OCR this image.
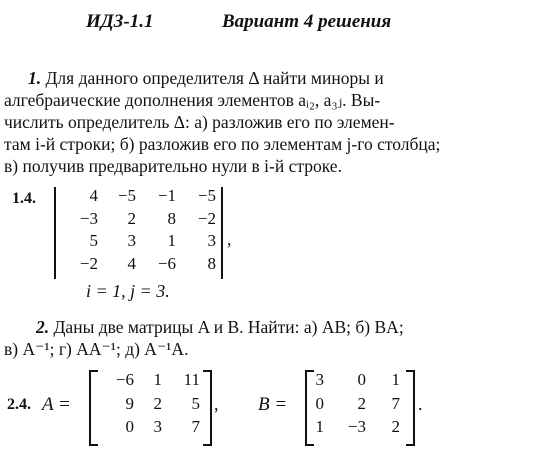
ИДЗ-1.1	Вариант 4 решения
1. Для данного определителя Δ найти миноры и
алгебраические дополнения элементов aᵢ₂, a₃ⱼ. Вы-
числить определитель Δ: а) разложив его по элемен-
там i-й строки; б) разложив его по элементам j-го столбца;
в) получив предварительно нули в i-й строке.
1.4.	4	−5	−1	−5
−3	2	8	−2
5	3	1	3
−2	4	−6	8
,
i = 1, j = 3.
2. Даны две матрицы A и B. Найти: а) AB; б) BA;
в) A⁻¹; г) AA⁻¹; д) A⁻¹A.
2.4. A =
−6	1	11
9	2	5
0	3	7
, B =
3	0	1
0	2	7
1	−3	2
.
